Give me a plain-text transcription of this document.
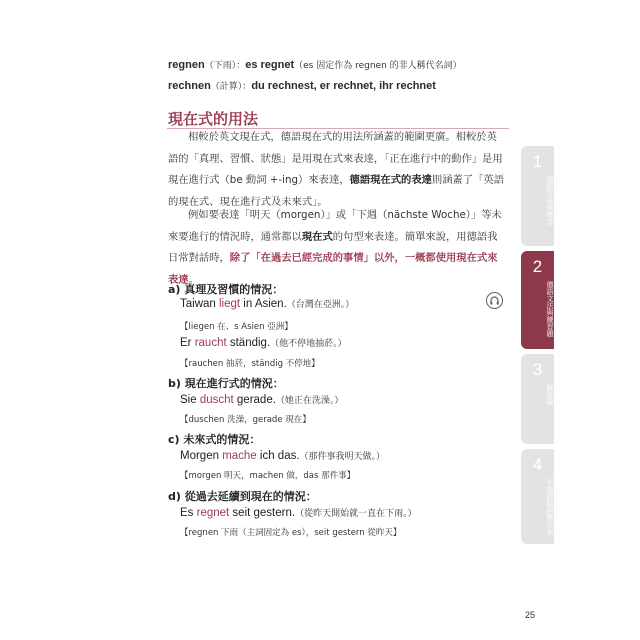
regnen（下雨）：es regnet（es 固定作為 regnen 的非人稱代名詞）
rechnen（計算）：du rechnest, er rechnet, ihr rechnet
現在式的用法

相較於英文現在式，德語現在式的用法所涵蓋的範圍更廣。相較於英語的「真理、習慣、狀態」是用現在式來表達，「正在進行中的動作」是用現在進行式（be 動詞 +-ing）來表達，德語現在式的表達則涵蓋了「英語的現在式、現在進行式及未來式」。

例如要表達「明天（morgen）」或「下週（nächste Woche）」等未來要進行的情況時，通常都以現在式的句型來表達。簡單來說，用德語我日常對話時，除了「在過去已經完成的事情」以外，一概都使用現在式來表達。

a) 真理及習慣的情況：
Taiwan liegt in Asien.（台灣在亞洲。）
【liegen 在、s Asien 亞洲】
Er raucht ständig.（他不停地抽菸。）
【rauchen 抽菸，ständig 不停地】
b) 現在進行式的情況：
Sie duscht gerade.（她正在洗澡。）
【duschen 洗澡，gerade 現在】
c) 未來式的情況：
Morgen mache ich das.（那件事我明天做。）
【morgen 明天，machen 做，das 那件事】
d) 從過去延續到現在的情況：
Es regnet seit gestern.（從昨天開始就一直在下雨。）
【regnen 下雨（主詞固定為 es），seit gestern 從昨天】
1
德語字母與發音
2
德語文法與練習題
3
解答篇
4
不規則動詞變化表
25
